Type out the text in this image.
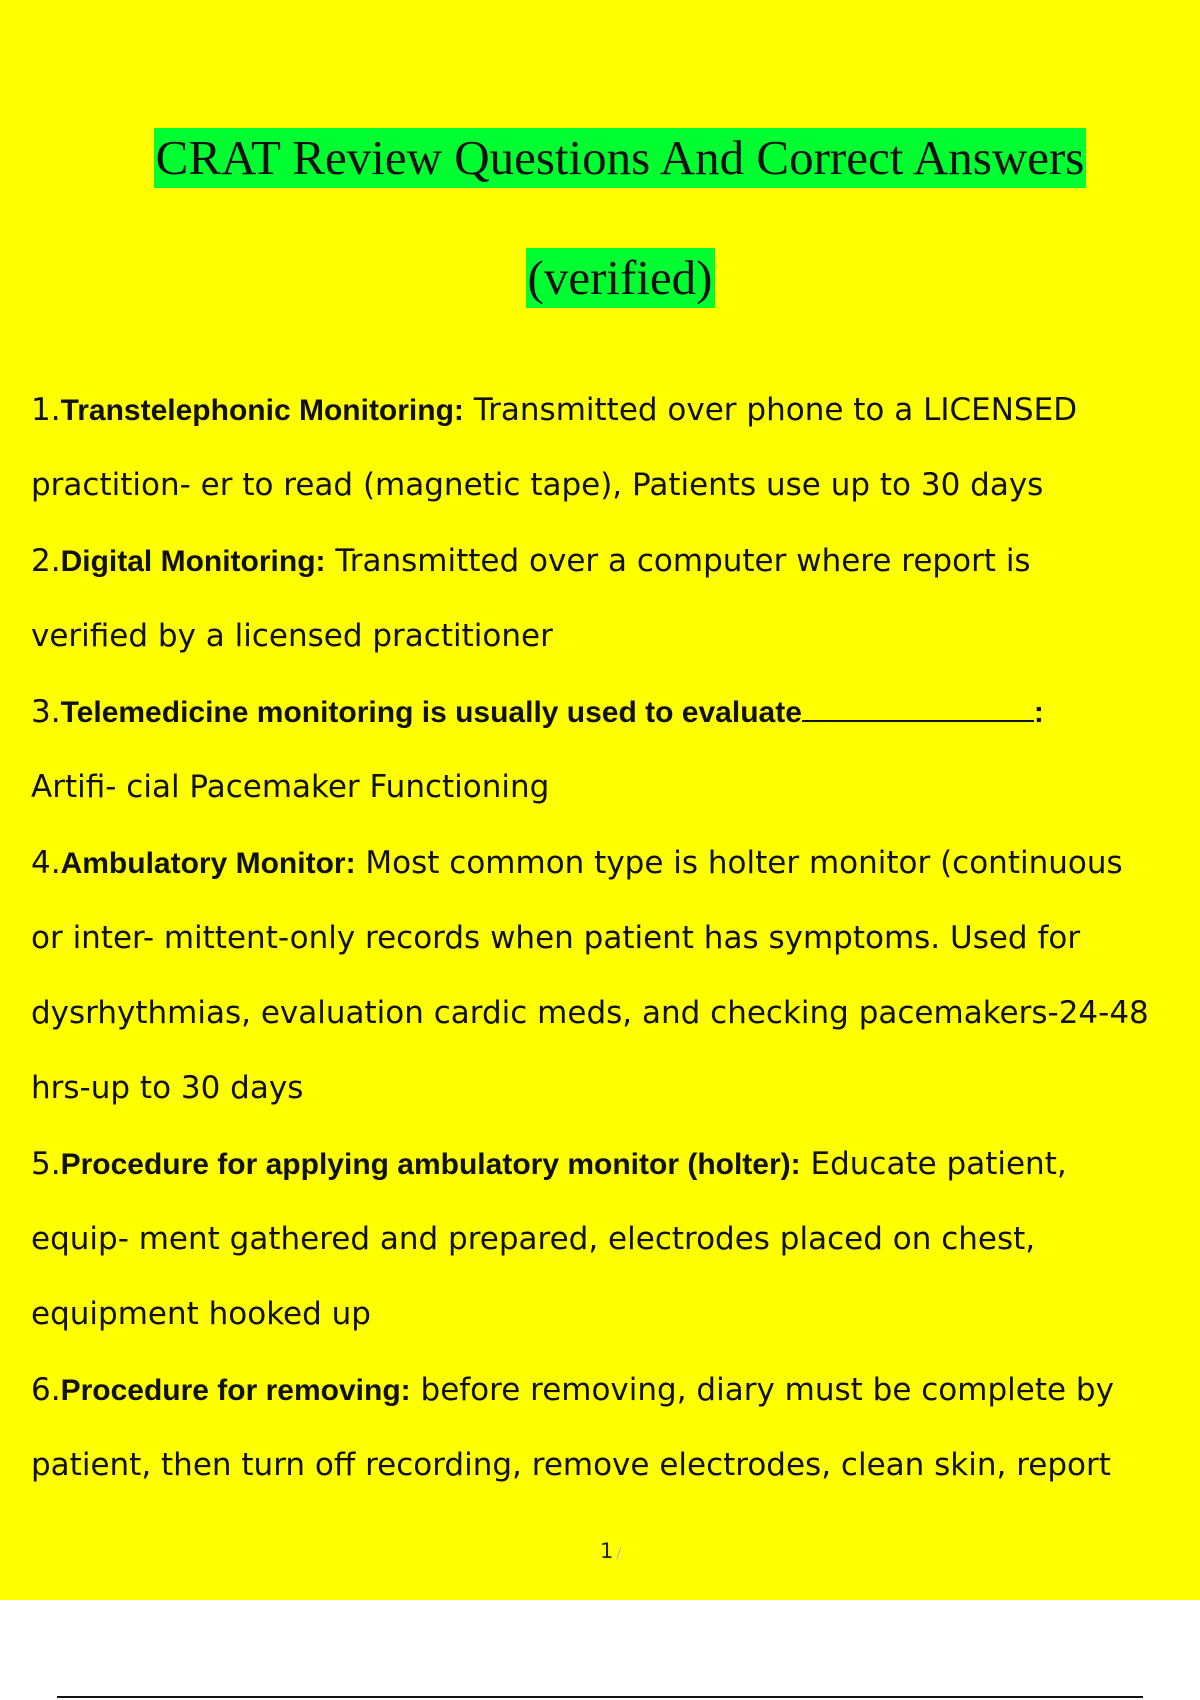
CRAT Review Questions And Correct Answers
(verified)
1.Transtelephonic Monitoring: Transmitted over phone to a LICENSED
practition- er to read (magnetic tape), Patients use up to 30 days
2.Digital Monitoring: Transmitted over a computer where report is
verified by a licensed practitioner
3.Telemedicine monitoring is usually used to evaluate	:
Artifi- cial Pacemaker Functioning
4.Ambulatory Monitor: Most common type is holter monitor (continuous
or inter- mittent-only records when patient has symptoms. Used for
dysrhythmias, evaluation cardic meds, and checking pacemakers-24-48
hrs-up to 30 days
5.Procedure for applying ambulatory monitor (holter): Educate patient,
equip- ment gathered and prepared, electrodes placed on chest,
equipment hooked up
6.Procedure for removing: before removing, diary must be complete by
patient, then turn off recording, remove electrodes, clean skin, report
1 /
